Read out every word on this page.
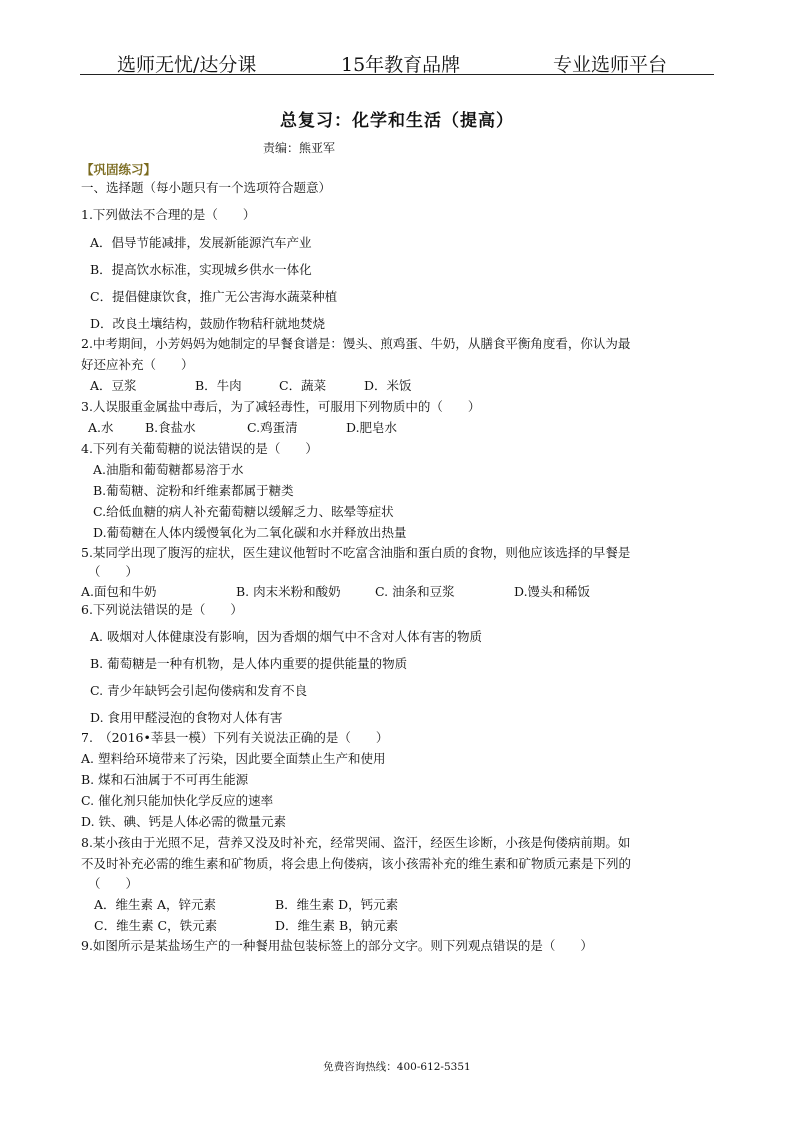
选师无忧/达分课	15年教育品牌	专业选师平台
总复习：化学和生活（提高）
责编：熊亚军
【巩固练习】
一、选择题（每小题只有一个选项符合题意）
1.下列做法不合理的是（　　）
A．倡导节能减排，发展新能源汽车产业
B．提高饮水标准，实现城乡供水一体化
C．提倡健康饮食，推广无公害海水蔬菜种植
D．改良土壤结构，鼓励作物秸秆就地焚烧
2.中考期间，小芳妈妈为她制定的早餐食谱是：馒头、煎鸡蛋、牛奶，从膳食平衡角度看，你认为最
好还应补充（　　）
A．豆浆	B．牛肉	C．蔬菜	D．米饭
3.人误服重金属盐中毒后，为了减轻毒性，可服用下列物质中的（　　）
A.水	B.食盐水	C.鸡蛋清	D.肥皂水
4.下列有关葡萄糖的说法错误的是（　　）
A.油脂和葡萄糖都易溶于水
B.葡萄糖、淀粉和纤维素都属于糖类
C.给低血糖的病人补充葡萄糖以缓解乏力、眩晕等症状
D.葡萄糖在人体内缓慢氧化为二氧化碳和水并释放出热量
5.某同学出现了腹泻的症状，医生建议他暂时不吃富含油脂和蛋白质的食物，则他应该选择的早餐是
（　　）
A.面包和牛奶	B. 肉末米粉和酸奶	C. 油条和豆浆	D.馒头和稀饭
6.下列说法错误的是（　　）
A. 吸烟对人体健康没有影响，因为香烟的烟气中不含对人体有害的物质
B. 葡萄糖是一种有机物，是人体内重要的提供能量的物质
C. 青少年缺钙会引起佝偻病和发育不良
D. 食用甲醛浸泡的食物对人体有害
7.　（2016•莘县一模）下列有关说法正确的是（　　）
A. 塑料给环境带来了污染，因此要全面禁止生产和使用
B. 煤和石油属于不可再生能源
C. 催化剂只能加快化学反应的速率
D. 铁、碘、钙是人体必需的微量元素
8.某小孩由于光照不足，营养又没及时补充，经常哭闹、盗汗，经医生诊断，小孩是佝偻病前期。如
不及时补充必需的维生素和矿物质，将会患上佝偻病，该小孩需补充的维生素和矿物质元素是下列的
（　　）
A．维生素 A，锌元素	B．维生素 D，钙元素
C．维生素 C，铁元素	D．维生素 B，钠元素
9.如图所示是某盐场生产的一种餐用盐包装标签上的部分文字。则下列观点错误的是（　　）
免费咨询热线：400-612-5351
